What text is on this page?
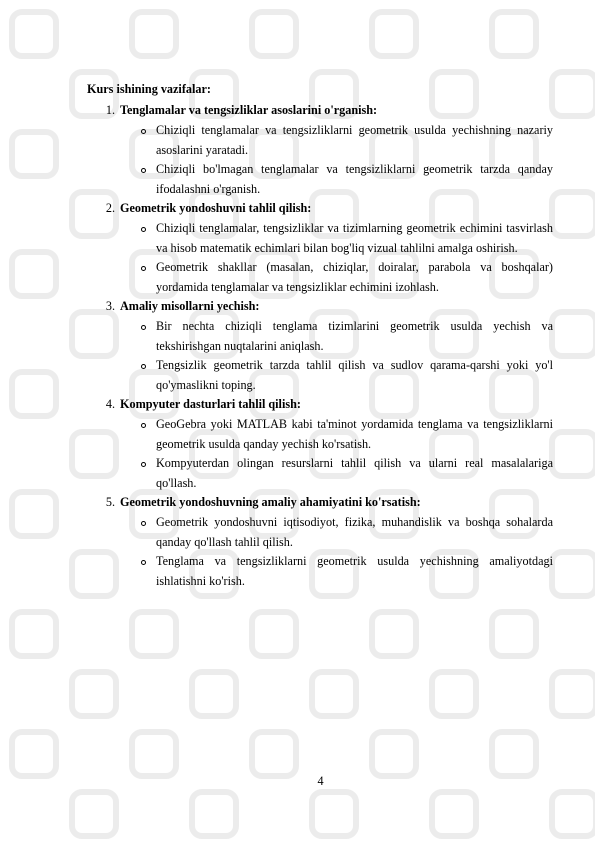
Kurs ishining vazifalar:

1 . Tenglamalar va tengsizliklar asoslarini o'rganish:
Chiziqli tenglamalar va tengsizliklarni geometrik usulda yechishning nazariy asoslarini yaratadi.
Chiziqli bo'lmagan tenglamalar va tengsizliklarni geometrik tarzda qanday ifodalashni o'rganish.
2 . Geometrik yondoshuvni tahlil qilish:
Chiziqli tenglamalar, tengsizliklar va tizimlarning geometrik echimini tasvirlash va hisob matematik echimlari bilan bog'liq vizual tahlilni amalga oshirish.
Geometrik shakllar (masalan, chiziqlar, doiralar, parabola va boshqalar) yordamida tenglamalar va tengsizliklar echimini izohlash.
3 . Amaliy misollarni yechish:
Bir nechta chiziqli tenglama tizimlarini geometrik usulda yechish va tekshirishgan nuqtalarini aniqlash.
Tengsizlik geometrik tarzda tahlil qilish va sudlov qarama-qarshi yoki yo'l qo'ymaslikni toping.
4 . Kompyuter dasturlari tahlil qilish:
GeoGebra yoki MATLAB kabi ta'minot yordamida tenglama va tengsizliklarni geometrik usulda qanday yechish ko'rsatish.
Kompyuterdan olingan resurslarni tahlil qilish va ularni real masalalariga qo'llash.
5 . Geometrik yondoshuvning amaliy ahamiyatini ko'rsatish:
Geometrik yondoshuvni iqtisodiyot, fizika, muhandislik va boshqa sohalarda qanday qo'llash tahlil qilish.
Tenglama va tengsizliklarni geometrik usulda yechishning amaliyotdagi ishlatishni ko'rish.
4
